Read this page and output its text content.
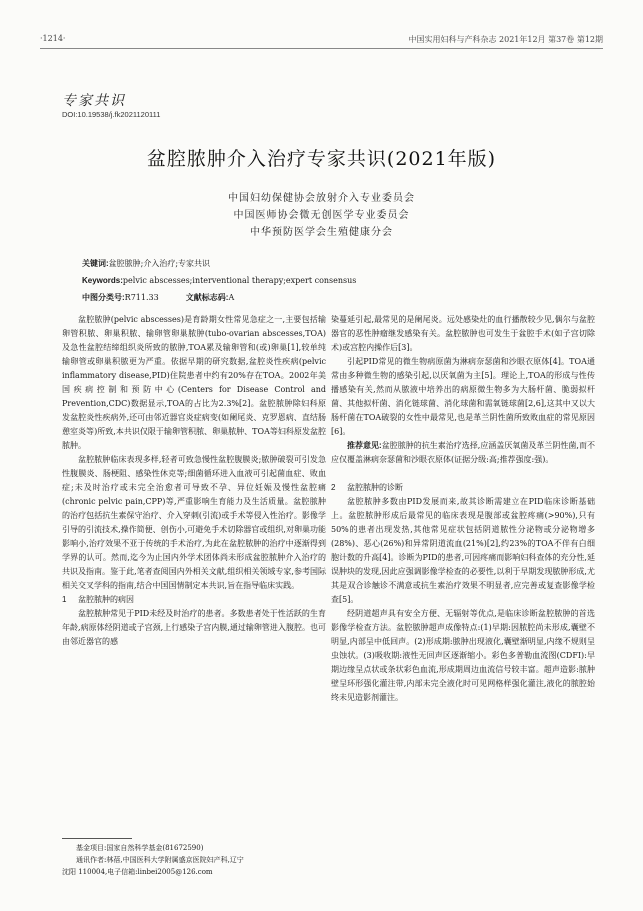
·1214·	中国实用妇科与产科杂志 2021年12月 第37卷 第12期
专家共识
DOI:10.19538/j.fk2021120111
盆腔脓肿介入治疗专家共识(2021年版)
中国妇幼保健协会放射介入专业委员会
中国医师协会微无创医学专业委员会
中华预防医学会生殖健康分会
关键词:盆腔脓肿;介入治疗;专家共识
Keywords:pelvic abscesses;interventional therapy;expert consensus
中图分类号:R711.33	文献标志码:A

盆腔脓肿(pelvic abscesses)是育龄期女性常见急症之一,主要包括输卵管积脓、卵巢积脓、输卵管卵巢脓肿(tubo-ovarian abscesses,TOA)及急性盆腔结缔组织炎所致的脓肿,TOA累及输卵管和(或)卵巢[1],较单纯输卵管或卵巢积脓更为严重。依据早期的研究数据,盆腔炎性疾病(pelvic inflammatory disease,PID)住院患者中约有20%存在TOA。2002年美国疾病控制和预防中心(Centers for Disease Control and Prevention,CDC)数据显示,TOA的占比为2.3%[2]。盆腔脓肿除妇科原发盆腔炎性疾病外,还可由邻近器官炎症病变(如阑尾炎、克罗恩病、直结肠憩室炎等)所致,本共识仅限于输卵管积脓、卵巢脓肿、TOA等妇科原发盆腔脓肿。

盆腔脓肿临床表现多样,轻者可致急慢性盆腔腹膜炎;脓肿破裂可引发急性腹膜炎、肠梗阻、感染性休克等;细菌循环进入血液可引起菌血症、败血症;未及时治疗或未完全治愈者可导致不孕、异位妊娠及慢性盆腔痛(chronic pelvic pain,CPP)等,严重影响生育能力及生活质量。盆腔脓肿的治疗包括抗生素保守治疗、介入穿刺(引流)或手术等侵入性治疗。影像学引导的引流技术,操作简便、创伤小,可避免手术切除器官或组织,对卵巢功能影响小,治疗效果不亚于传统的手术治疗,为此在盆腔脓肿的治疗中逐渐得到学界的认可。然而,迄今为止国内外学术团体尚未形成盆腔脓肿介入治疗的共识及指南。鉴于此,笔者查阅国内外相关文献,组织相关领域专家,参考国际相关交叉学科的指南,结合中国国情制定本共识,旨在指导临床实践。

1 盆腔脓肿的病因

盆腔脓肿常见于PID未经及时治疗的患者。多数患者处于性活跃的生育年龄,病原体经阴道或子宫颈,上行感染子宫内膜,通过输卵管进入腹腔。也可由邻近器官的感

基金项目:国家自然科学基金(81672590)
通讯作者:林蓓,中国医科大学附属盛京医院妇产科,辽宁
沈阳 110004,电子信箱:linbei2005@126.com

染蔓延引起,最常见的是阑尾炎。远处感染灶的血行播散较少见,偶尔与盆腔器官的恶性肿瘤继发感染有关。盆腔脓肿也可发生于盆腔手术(如子宫切除术)或宫腔内操作后[3]。

引起PID常见的微生物病原菌为淋病奈瑟菌和沙眼衣原体[4]。TOA通常由多种微生物的感染引起,以厌氧菌为主[5]。理论上,TOA的形成与性传播感染有关,然而从脓液中培养出的病原微生物多为大肠杆菌、脆弱拟杆菌、其他拟杆菌、消化链球菌、消化球菌和需氧链球菌[2,6],这其中又以大肠杆菌在TOA破裂的女性中最常见,也是革兰阴性菌所致败血症的常见原因[6]。

推荐意见:盆腔脓肿的抗生素治疗选择,应涵盖厌氧菌及革兰阴性菌,而不应仅覆盖淋病奈瑟菌和沙眼衣原体(证据分级:高;推荐强度:强)。

2 盆腔脓肿的诊断

盆腔脓肿多数由PID发展而来,故其诊断需建立在PID临床诊断基础上。盆腔脓肿形成后最常见的临床表现是腹部或盆腔疼痛(>90%),只有50%的患者出现发热,其他常见症状包括阴道脓性分泌物或分泌物增多(28%)、恶心(26%)和异常阴道流血(21%)[2],约23%的TOA不伴有白细胞计数的升高[4]。诊断为PID的患者,可因疼痛而影响妇科查体的充分性,延误肿块的发现,因此应强调影像学检查的必要性,以利于早期发现脓肿形成,尤其是双合诊触诊不满意或抗生素治疗效果不明显者,应完善或复查影像学检查[5]。

经阴道超声具有安全方便、无辐射等优点,是临床诊断盆腔脓肿的首选影像学检查方法。盆腔脓肿超声成像特点:(1)早期:因脓腔尚未形成,囊壁不明显,内部呈中低回声。(2)形成期:脓肿出现液化,囊壁渐明显,内缘不规则呈虫蚀状。(3)吸收期:液性无回声区逐渐缩小。彩色多普勒血流图(CDFI):早期边缘呈点状或条状彩色血流,形成期周边血流信号较丰富。超声造影:脓肿壁呈环形强化灌注带,内部未完全液化时可见网格样强化灌注,液化的脓腔始终未见造影剂灌注。
